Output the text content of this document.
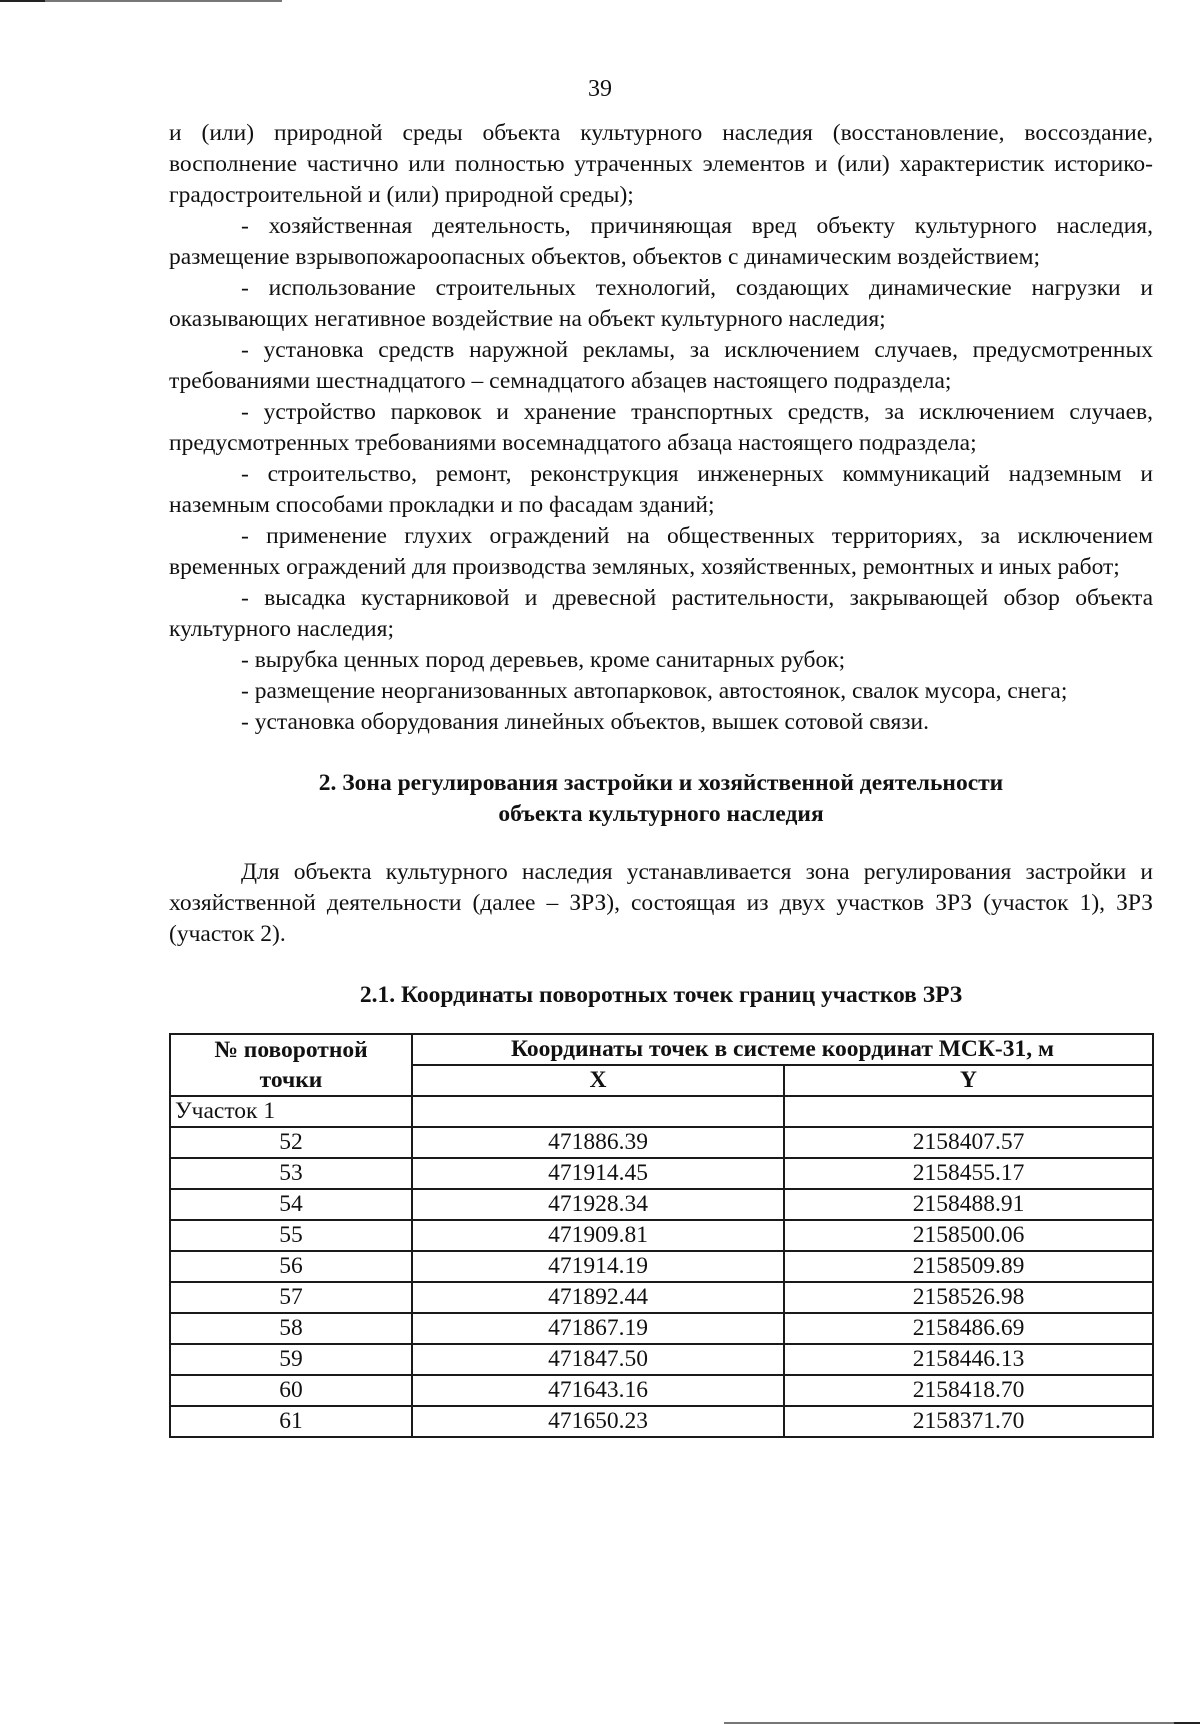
39

и (или) природной среды объекта культурного наследия (восстановление, воссоздание, восполнение частично или полностью утраченных элементов и (или) характеристик историко-градостроительной и (или) природной среды);

- хозяйственная деятельность, причиняющая вред объекту культурного наследия, размещение взрывопожароопасных объектов, объектов с динамическим воздействием;

- использование строительных технологий, создающих динамические нагрузки и оказывающих негативное воздействие на объект культурного наследия;

- установка средств наружной рекламы, за исключением случаев, предусмотренных требованиями шестнадцатого – семнадцатого абзацев настоящего подраздела;

- устройство парковок и хранение транспортных средств, за исключением случаев, предусмотренных требованиями восемнадцатого абзаца настоящего подраздела;

- строительство, ремонт, реконструкция инженерных коммуникаций надземным и наземным способами прокладки и по фасадам зданий;

- применение глухих ограждений на общественных территориях, за исключением временных ограждений для производства земляных, хозяйственных, ремонтных и иных работ;

- высадка кустарниковой и древесной растительности, закрывающей обзор объекта культурного наследия;

- вырубка ценных пород деревьев, кроме санитарных рубок;

- размещение неорганизованных автопарковок, автостоянок, свалок мусора, снега;

- установка оборудования линейных объектов, вышек сотовой связи.

2. Зона регулирования застройки и хозяйственной деятельности
объекта культурного наследия

Для объекта культурного наследия устанавливается зона регулирования застройки и хозяйственной деятельности (далее – ЗРЗ), состоящая из двух участков ЗРЗ (участок 1), ЗРЗ (участок 2).

2.1. Координаты поворотных точек границ участков ЗРЗ
№ поворотной	Координаты точек в системе координат МСК-31, м	
точки	X	Y
Участок 1		
52	471886.39	2158407.57
53	471914.45	2158455.17
54	471928.34	2158488.91
55	471909.81	2158500.06
56	471914.19	2158509.89
57	471892.44	2158526.98
58	471867.19	2158486.69
59	471847.50	2158446.13
60	471643.16	2158418.70
61	471650.23	2158371.70
